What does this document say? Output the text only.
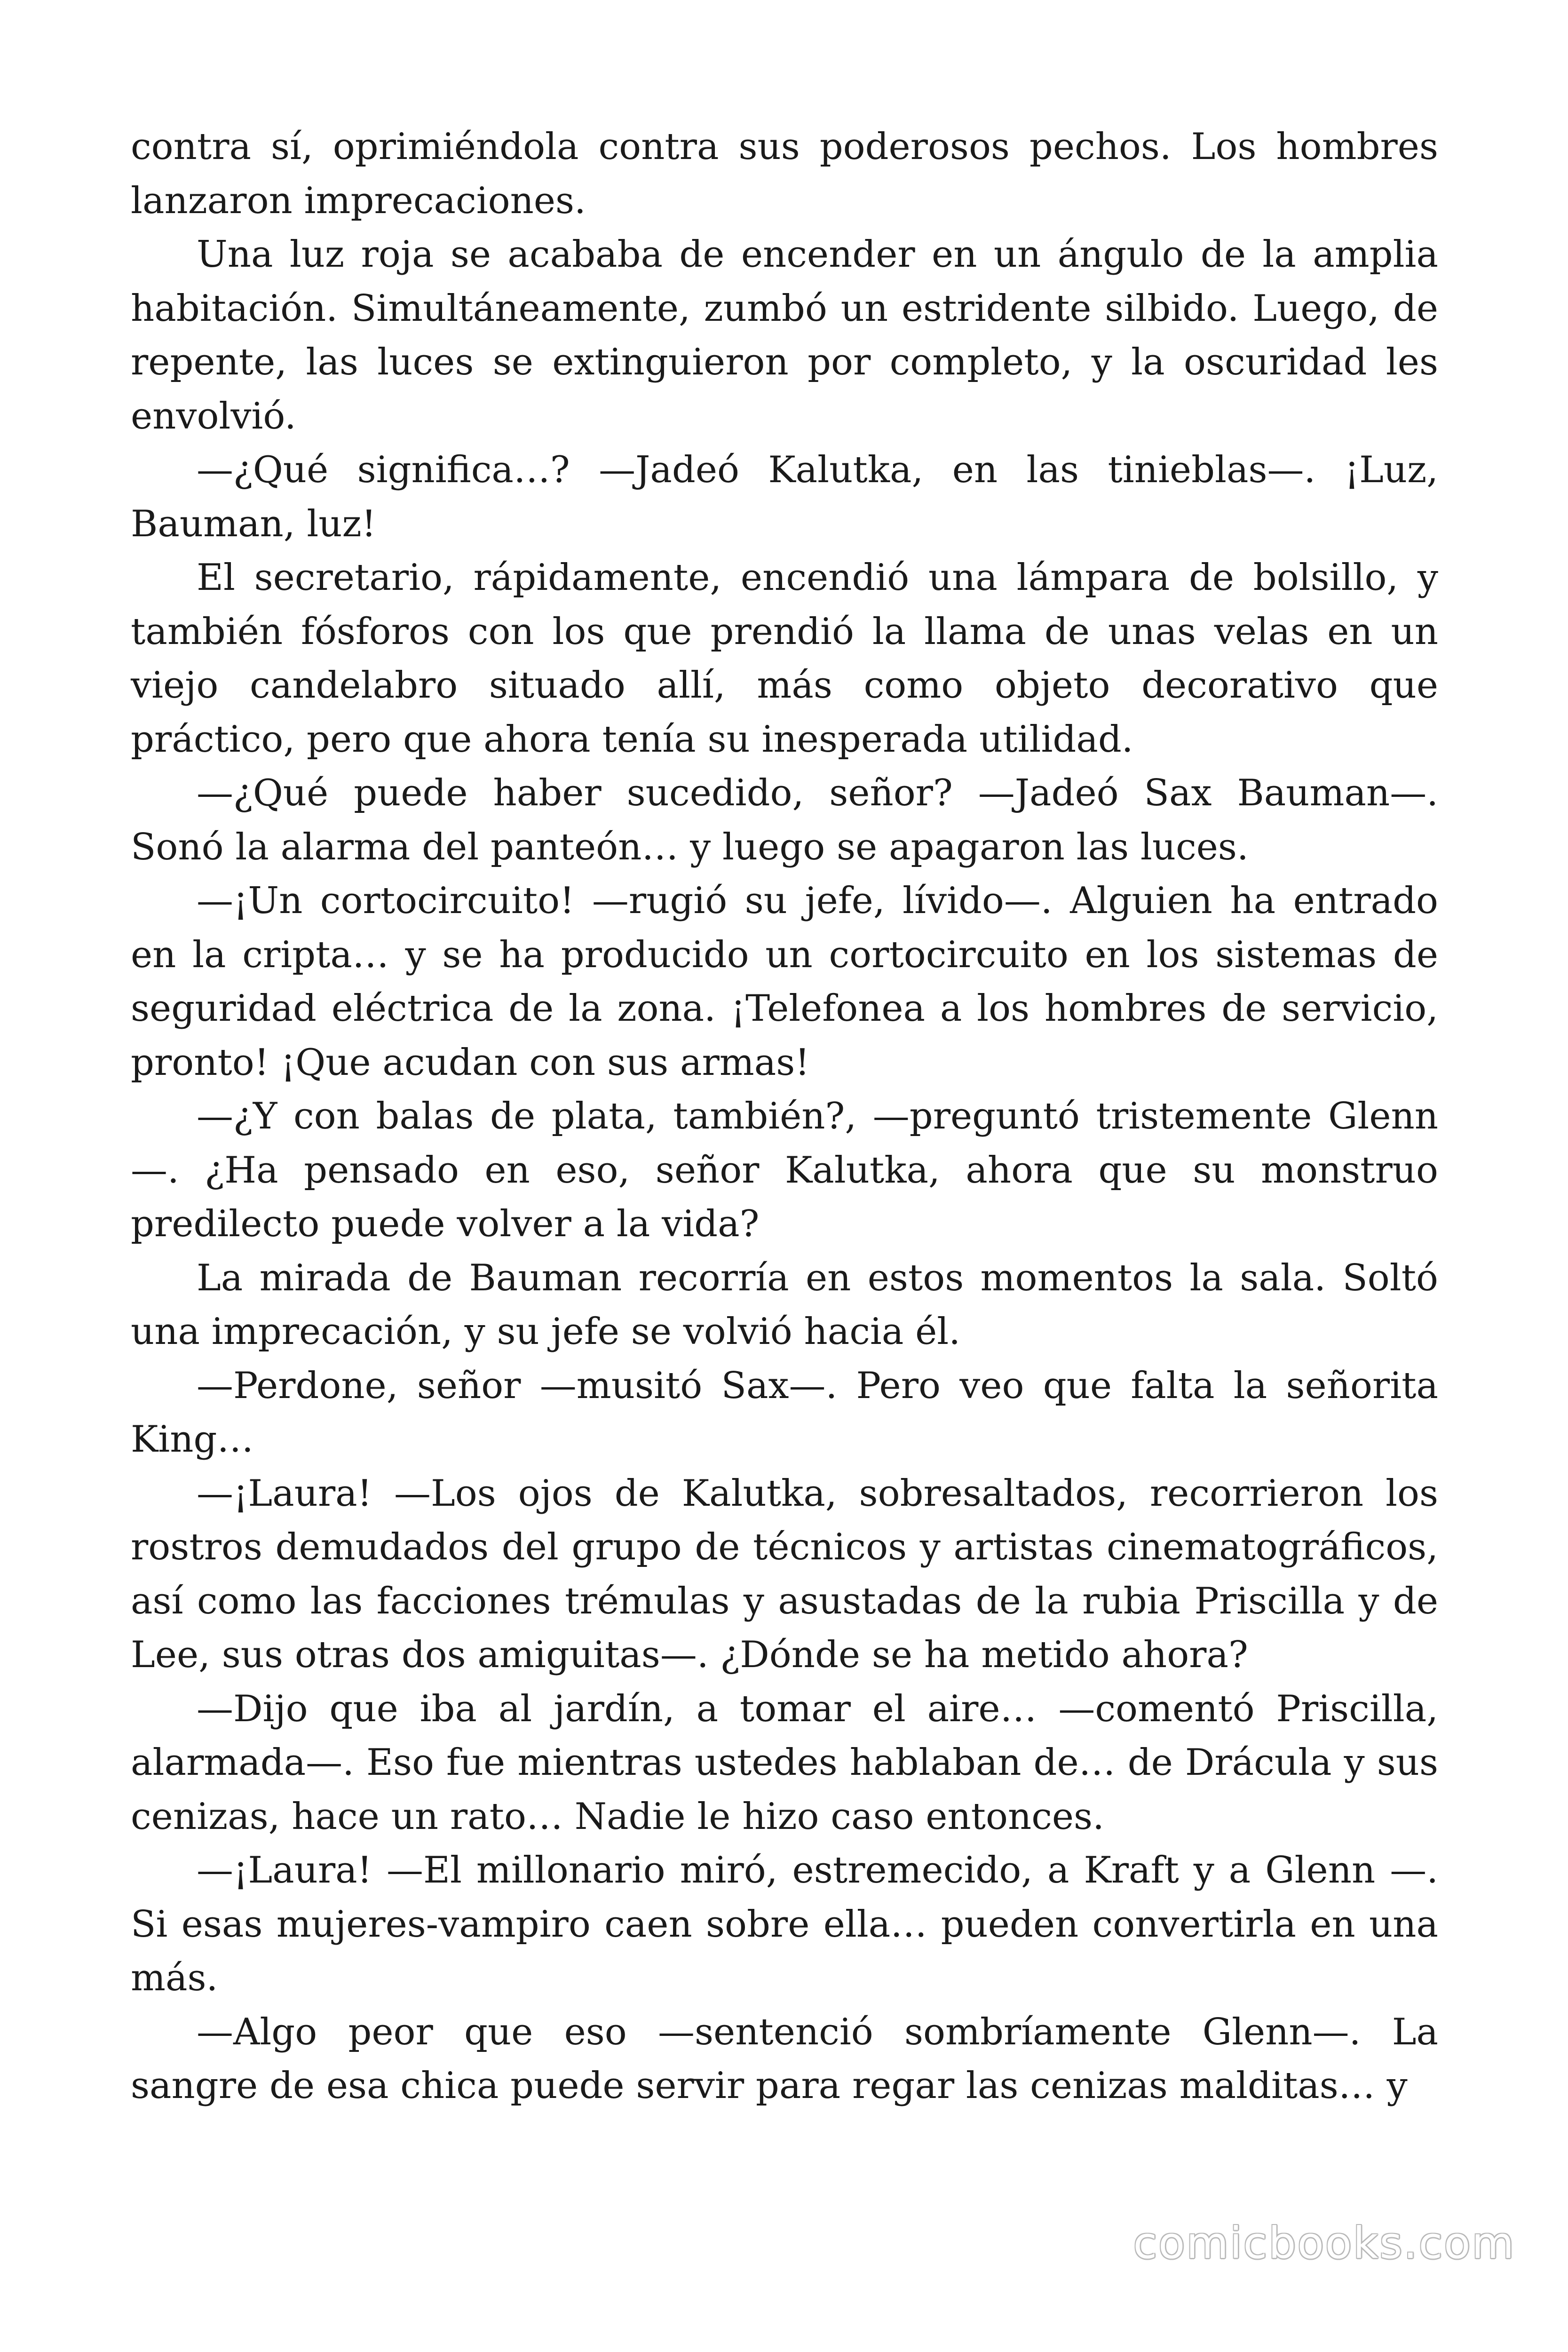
contra sí, oprimiéndola contra sus poderosos pechos. Los hombres lanzaron imprecaciones.

Una luz roja se acababa de encender en un ángulo de la amplia habitación. Simultáneamente, zumbó un estridente silbido. Luego, de repente, las luces se extinguieron por completo, y la oscuridad les envolvió.

—¿Qué significa…? —Jadeó Kalutka, en las tinieblas—. ¡Luz, Bauman, luz!

El secretario, rápidamente, encendió una lámpara de bolsillo, y también fósforos con los que prendió la llama de unas velas en un viejo candelabro situado allí, más como objeto decorativo que práctico, pero que ahora tenía su inesperada utilidad.

—¿Qué puede haber sucedido, señor? —Jadeó Sax Bauman—. Sonó la alarma del panteón… y luego se apagaron las luces.

—¡Un cortocircuito! —rugió su jefe, lívido—. Alguien ha entrado en la cripta… y se ha producido un cortocircuito en los sistemas de seguridad eléctrica de la zona. ¡Telefonea a los hombres de servicio, pronto! ¡Que acudan con sus armas!

—¿Y con balas de plata, también?, —preguntó tristemente Glenn —. ¿Ha pensado en eso, señor Kalutka, ahora que su monstruo predilecto puede volver a la vida?

La mirada de Bauman recorría en estos momentos la sala. Soltó una imprecación, y su jefe se volvió hacia él.

—Perdone, señor —musitó Sax—. Pero veo que falta la señorita King…

—¡Laura! —Los ojos de Kalutka, sobresaltados, recorrieron los rostros demudados del grupo de técnicos y artistas cinematográficos, así como las facciones trémulas y asustadas de la rubia Priscilla y de Lee, sus otras dos amiguitas—. ¿Dónde se ha metido ahora?

—Dijo que iba al jardín, a tomar el aire… —comentó Priscilla, alarmada—. Eso fue mientras ustedes hablaban de… de Drácula y sus cenizas, hace un rato… Nadie le hizo caso entonces.

—¡Laura! —El millonario miró, estremecido, a Kraft y a Glenn —. Si esas mujeres-vampiro caen sobre ella… pueden convertirla en una más.

—Algo peor que eso —sentenció sombríamente Glenn—. La sangre de esa chica puede servir para regar las cenizas malditas… y

comicbooks.com
